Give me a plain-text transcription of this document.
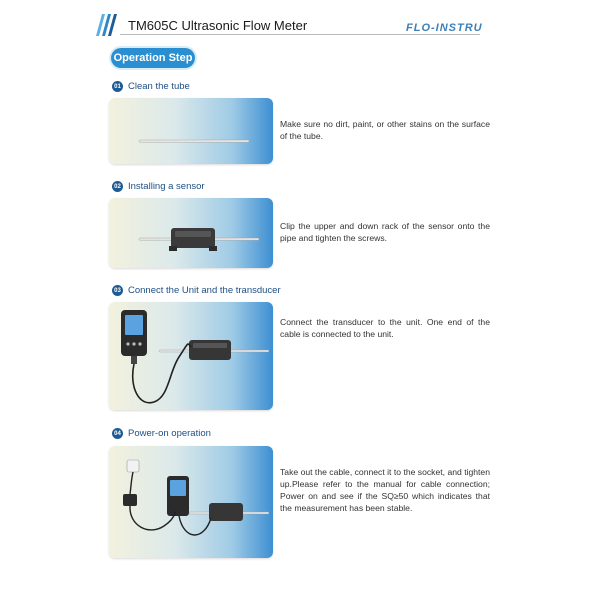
TM605C Ultrasonic Flow Meter	FLO-INSTRU
Operation Step
01 Clean the tube
Make sure no dirt, paint, or other stains on the surface of the tube.
02 Installing a sensor
Clip the upper and down rack of the sensor onto the pipe and tighten the screws.
03 Connect the Unit and the transducer
Connect the transducer to the unit. One end of the cable is connected to the unit.
04 Power-on operation
Take out the cable, connect it to the socket, and tighten up.Please refer to the manual for cable connection; Power on and see if the SQ≥50 which indicates that the measurement has been stable.
